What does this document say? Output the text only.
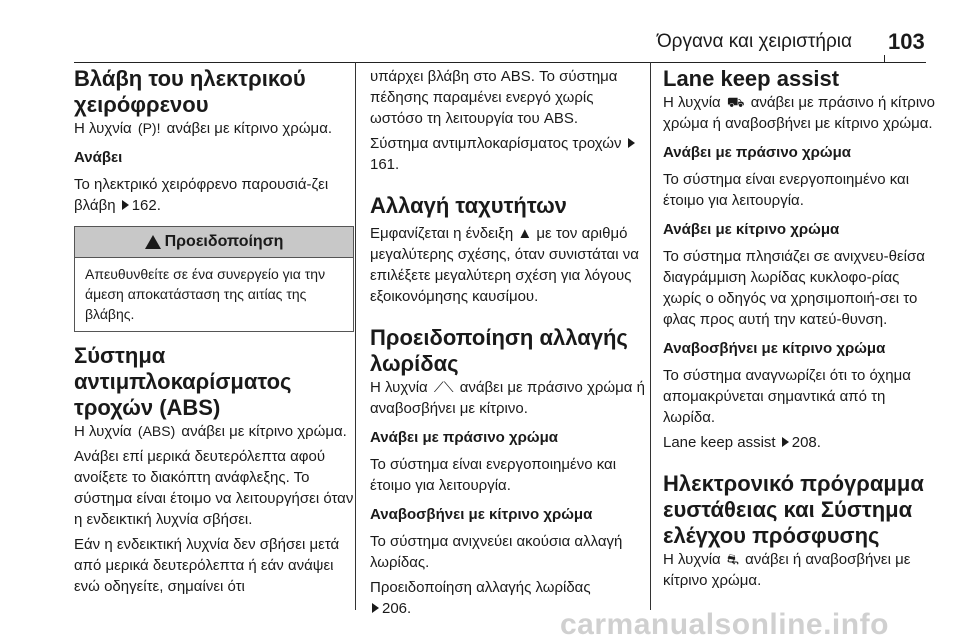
Όργανα και χειριστήρια 103
Βλάβη του ηλεκτρικού χειρόφρενου

Η λυχνία (P)! ανάβει με κίτρινο χρώμα.

Ανάβει

Το ηλεκτρικό χειρόφρενο παρουσιά-ζει βλάβη 162.

Προειδοποίηση

Απευθυνθείτε σε ένα συνεργείο για την άμεση αποκατάσταση της αιτίας της βλάβης.

Σύστημα αντιμπλοκαρίσματος τροχών (ABS)

Η λυχνία (ABS) ανάβει με κίτρινο χρώμα.

Ανάβει επί μερικά δευτερόλεπτα αφού ανοίξετε το διακόπτη ανάφλεξης. Το σύστημα είναι έτοιμο να λειτουργήσει όταν η ενδεικτική λυχνία σβήσει.

Εάν η ενδεικτική λυχνία δεν σβήσει μετά από μερικά δευτερόλεπτα ή εάν ανάψει ενώ οδηγείτε, σημαίνει ότι

υπάρχει βλάβη στο ABS. Το σύστημα πέδησης παραμένει ενεργό χωρίς ωστόσο τη λειτουργία του ABS.

Σύστημα αντιμπλοκαρίσματος τροχών 161.

Αλλαγή ταχυτήτων

Εμφανίζεται η ένδειξη ▲ με τον αριθμό μεγαλύτερης σχέσης, όταν συνιστάται να επιλέξετε μεγαλύτερη σχέση για λόγους εξοικονόμησης καυσίμου.

Προειδοποίηση αλλαγής λωρίδας

Η λυχνία ⟋⟍ ανάβει με πράσινο χρώμα ή αναβοσβήνει με κίτρινο.

Ανάβει με πράσινο χρώμα

Το σύστημα είναι ενεργοποιημένο και έτοιμο για λειτουργία.

Αναβοσβήνει με κίτρινο χρώμα

Το σύστημα ανιχνεύει ακούσια αλλαγή λωρίδας.

Προειδοποίηση αλλαγής λωρίδας
206.

Lane keep assist

Η λυχνία ⛟ ανάβει με πράσινο ή κίτρινο χρώμα ή αναβοσβήνει με κίτρινο χρώμα.

Ανάβει με πράσινο χρώμα

Το σύστημα είναι ενεργοποιημένο και έτοιμο για λειτουργία.

Ανάβει με κίτρινο χρώμα

Το σύστημα πλησιάζει σε ανιχνευ-θείσα διαγράμμιση λωρίδας κυκλοφο-ρίας χωρίς ο οδηγός να χρησιμοποιή-σει το φλας προς αυτή την κατεύ-θυνση.

Αναβοσβήνει με κίτρινο χρώμα

Το σύστημα αναγνωρίζει ότι το όχημα απομακρύνεται σημαντικά από τη λωρίδα.

Lane keep assist 208.

Ηλεκτρονικό πρόγραμμα ευστάθειας και Σύστημα ελέγχου πρόσφυσης

Η λυχνία ⛐ ανάβει ή αναβοσβήνει με κίτρινο χρώμα.

carmanualsonline.info
